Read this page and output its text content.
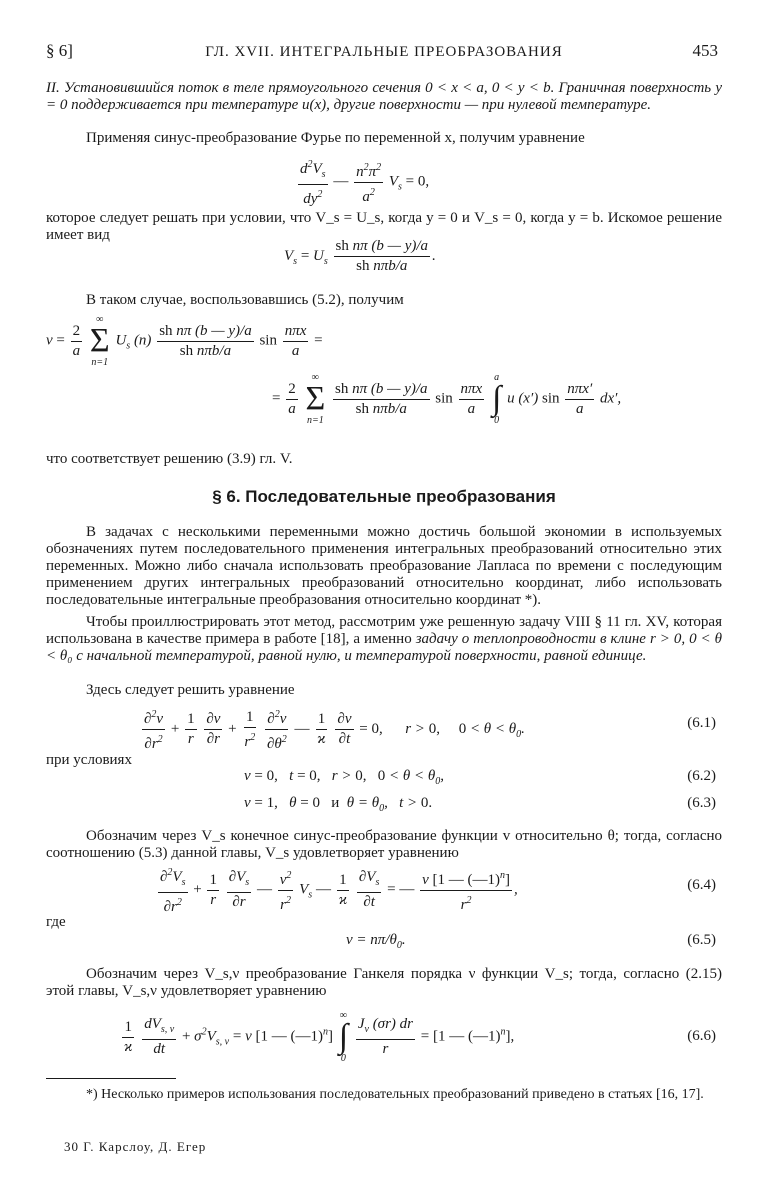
§ 6]	ГЛ. XVII. ИНТЕГРАЛЬНЫЕ ПРЕОБРАЗОВАНИЯ	453
II. Установившийся поток в теле прямоугольного сечения 0 < x < a, 0 < y < b. Граничная поверхность y = 0 поддерживается при температуре u(x), другие поверхности — при нулевой температуре.
Применяя синус-преобразование Фурье по переменной x, получим уравнение
$\frac{d^2V_s}{dy^2}$ — $\frac{n^2\pi^2}{a^2} V_s = 0$,
которое следует решать при условии, что V_s = U_s, когда y = 0 и V_s = 0, когда y = b. Искомое решение имеет вид
$V_s = U_s \frac{\text{sh nπ (b — y)/a}}{\text{sh nπb/a}}$ .
В таком случае, воспользовавшись (5.2), получим
$v = \frac{2}{a}$

∞
Σ
n=1
$U_s$ $(n) \frac{\text{sh nπ (b — y)/a}}{\text{sh nπb/a}}$ $\sin \frac{\text{nπx}}{a}$ =
= $\frac{2}{a}$

∞
Σ
n=1

$\frac{\text{sh nπ (b — y)/a}}{\text{sh nπb/a}}$ $\sin \frac{\text{nπx}}{a}$

a
∫
0
u (x′) $\sin \frac{\text{nπx′}}{a} dx'$,
что соответствует решению (3.9) гл. V.
§ 6. Последовательные преобразования
В задачах с несколькими переменными можно достичь большой экономии в используемых обозначениях путем последовательного применения интегральных преобразований относительно этих переменных. Можно либо сначала использовать преобразование Лапласа по времени с последующим применением других интегральных преобразований относительно координат, либо использовать последовательные интегральные преобразования относительно координат *).
Чтобы проиллюстрировать этот метод, рассмотрим уже решенную задачу VIII § 11 гл. XV, которая использована в качестве примера в работе [18], а именно задачу о теплопроводности в клине r > 0, 0 < θ < θ₀ с начальной температурой, равной нулю, и температурой поверхности, равной единице.
Здесь следует решить уравнение
$\frac{\partial^2v}{\partial r^2} + \frac{1}{r}$
$\frac{\partial v}{\partial r} + \frac{1}{r^2}$
$\frac{\partial^2v}{\partial\theta^2}$ — $\frac{1}{ϰ}$
$\frac{\partial v}{\partial t} = 0$,      r > 0, $0 < \theta < \theta_0$.	(6.1)
при условиях
v = 0,   t = 0,   r > 0, $0 < \theta < \theta_0$,	(6.2)
v = 1,   θ = 0 и  $\theta = \theta_0$,   t > 0.	(6.3)
Обозначим через V_s конечное синус-преобразование функции v относительно θ; тогда, согласно соотношению (5.3) данной главы, V_s удовлетворяет уравнению
$\frac{\partial^2V_s}{\partial r^2} + \frac{1}{r}$
$\frac{\partial V_s}{\partial r}$ — $\frac{\nu^2}{r^2} V_s$ — $\frac{1}{ϰ}$
$\frac{\partial V_s}{\partial t}$ = — $\frac{\nu [1 — (—1)^n]}{r^2}$ ,	(6.4)
где
$\nu = n\pi/\theta_0$.	(6.5)
Обозначим через V_s,ν преобразование Ганкеля порядка ν функции V_s; тогда, согласно (2.15) этой главы, V_s,ν удовлетворяет уравнению
$\frac{1}{ϰ}$
$\frac{dV_{s, \nu}}{dt} + \sigma^2V_{s, \nu} = \nu$ [1 — (—1)$^n$]
∞
∫
0

$\frac{J_\nu (\sigma r) dr}{r} = [1$ — (—1)$^n$],	(6.6)
*) Несколько примеров использования последовательных преобразований приведено в статьях [16, 17].
30 Г. Карслоу, Д. Егер
